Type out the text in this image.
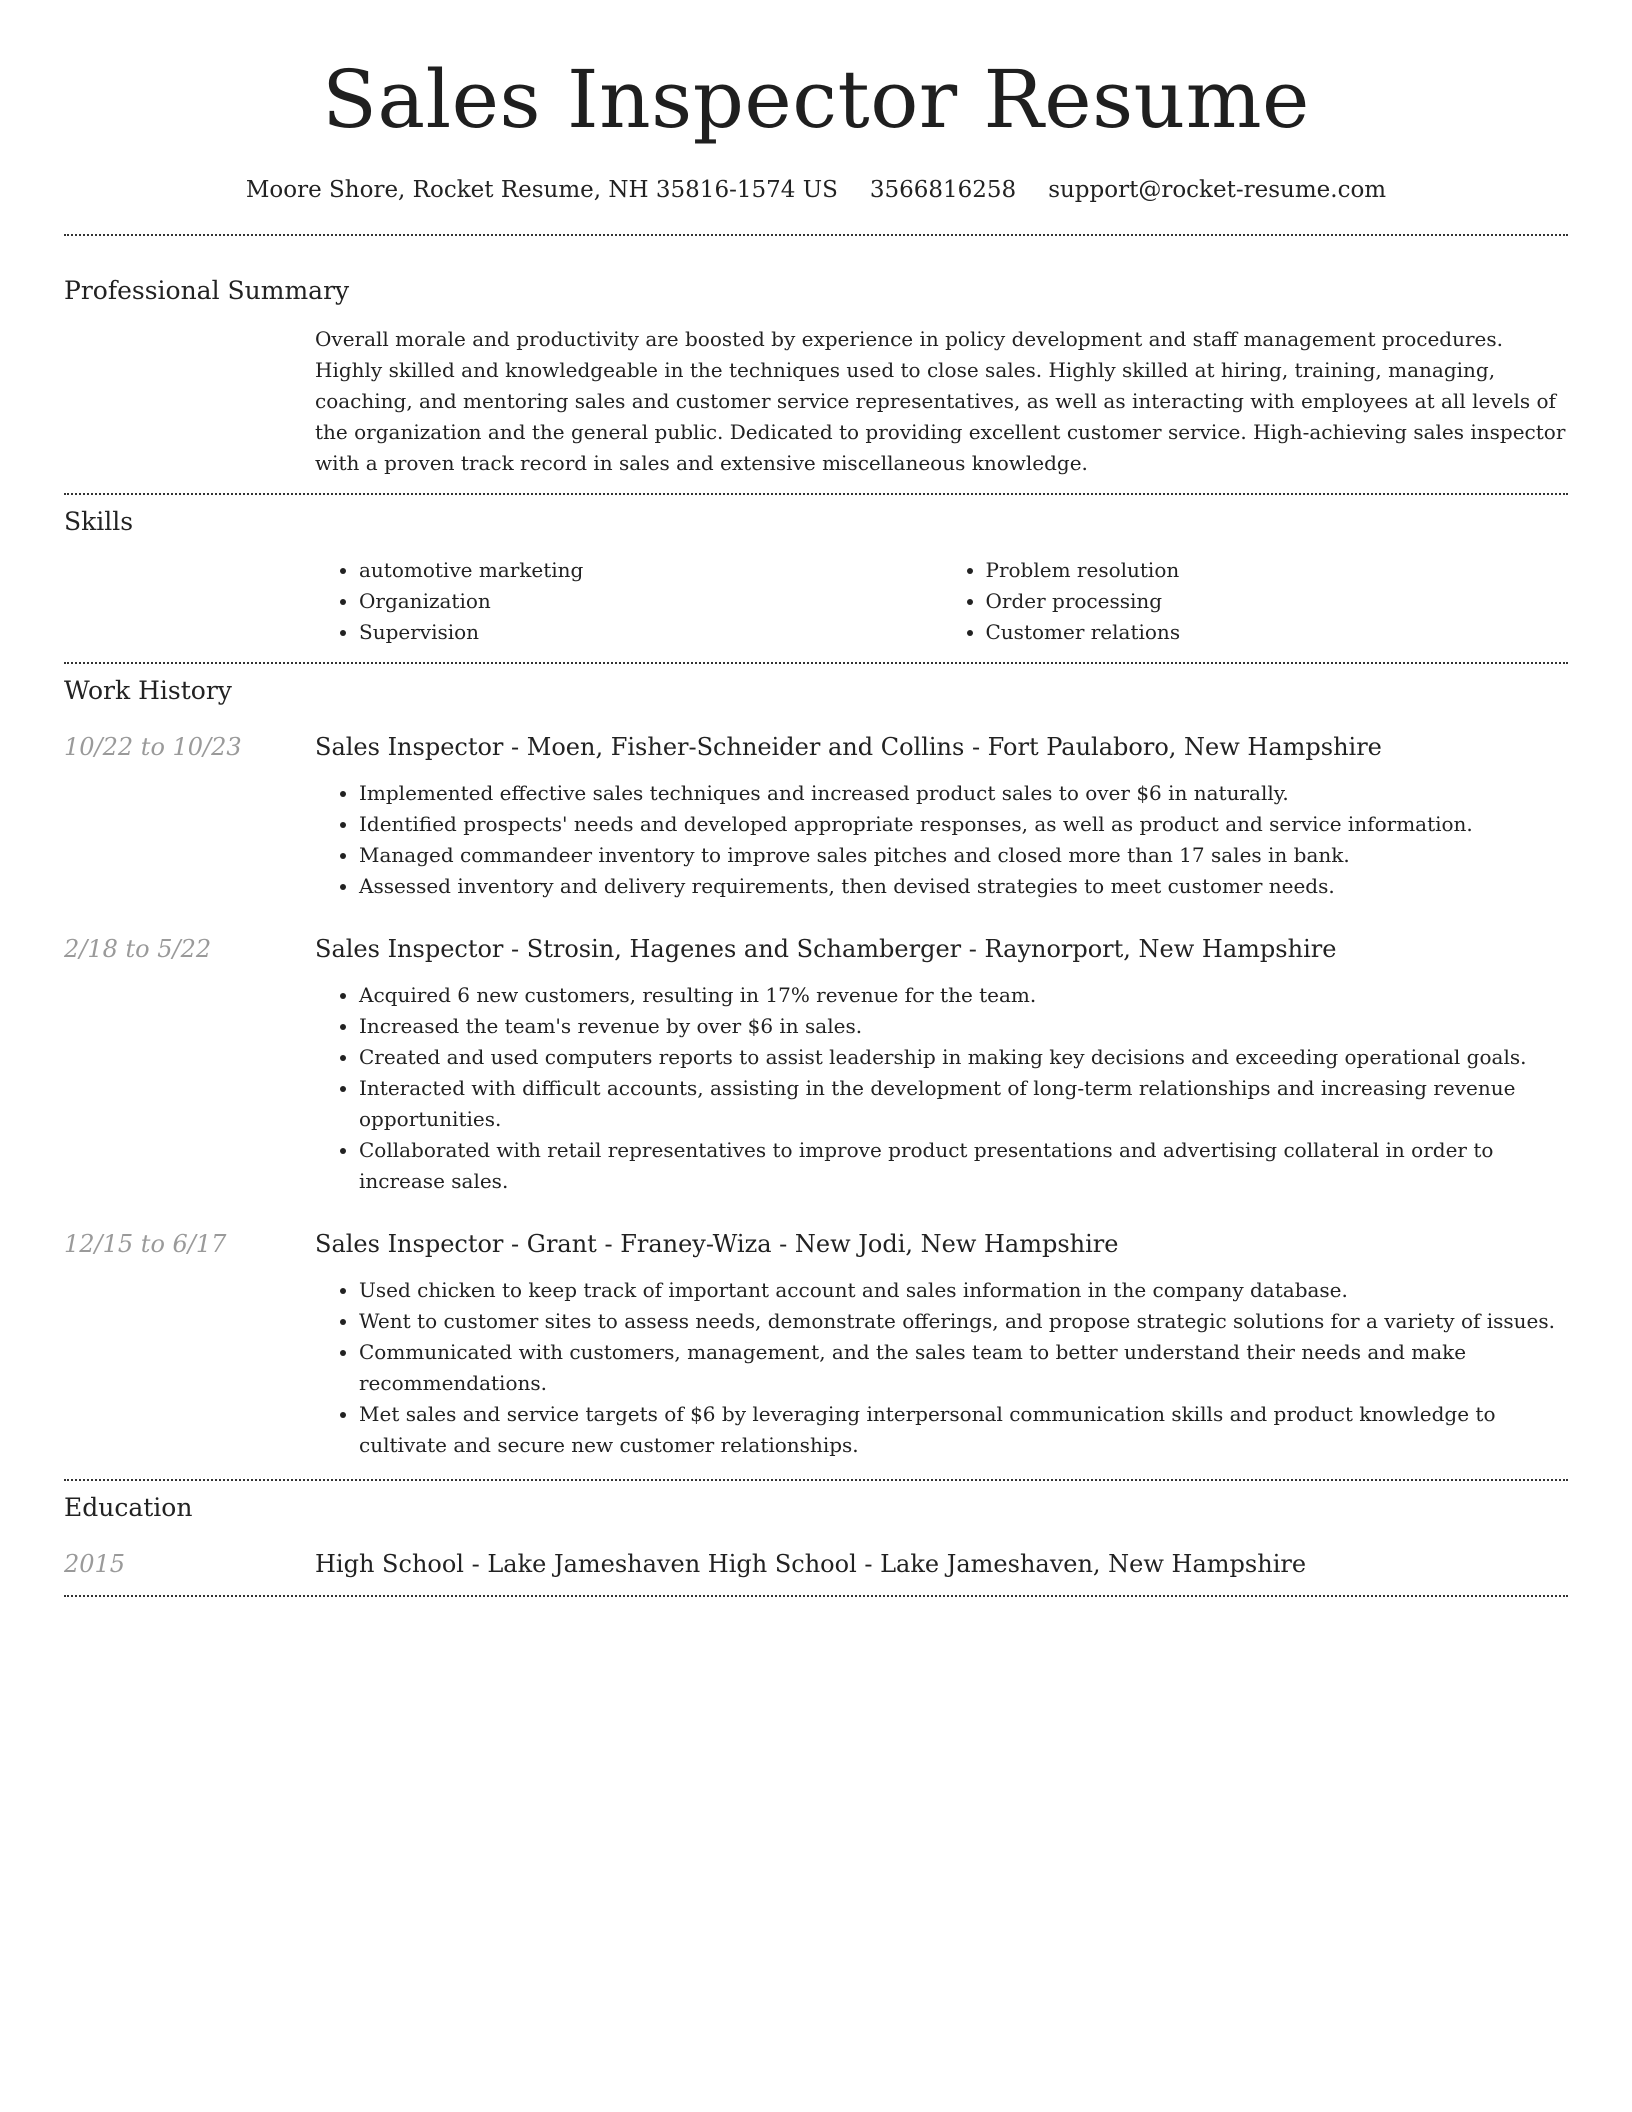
Sales Inspector Resume
Moore Shore, Rocket Resume, NH 35816-1574 US 3566816258 support@rocket-resume.com
Professional Summary

Overall morale and productivity are boosted by experience in policy development and staff management procedures. Highly skilled and knowledgeable in the techniques used to close sales. Highly skilled at hiring, training, managing, coaching, and mentoring sales and customer service representatives, as well as interacting with employees at all levels of the organization and the general public. Dedicated to providing excellent customer service. High-achieving sales inspector with a proven track record in sales and extensive miscellaneous knowledge.

Skills
• automotive marketing
• Organization
• Supervision
• Problem resolution
• Order processing
• Customer relations
Work History
10/22 to 10/23	Sales Inspector - Moen, Fisher-Schneider and Collins - Fort Paulaboro, New Hampshire
• Implemented effective sales techniques and increased product sales to over $6 in naturally.
• Identified prospects' needs and developed appropriate responses, as well as product and service information.
• Managed commandeer inventory to improve sales pitches and closed more than 17 sales in bank.
• Assessed inventory and delivery requirements, then devised strategies to meet customer needs.
2/18 to 5/22	Sales Inspector - Strosin, Hagenes and Schamberger - Raynorport, New Hampshire
• Acquired 6 new customers, resulting in 17% revenue for the team.
• Increased the team's revenue by over $6 in sales.
• Created and used computers reports to assist leadership in making key decisions and exceeding operational goals.
• Interacted with difficult accounts, assisting in the development of long-term relationships and increasing revenue opportunities.
• Collaborated with retail representatives to improve product presentations and advertising collateral in order to increase sales.
12/15 to 6/17	Sales Inspector - Grant - Franey-Wiza - New Jodi, New Hampshire
• Used chicken to keep track of important account and sales information in the company database.
• Went to customer sites to assess needs, demonstrate offerings, and propose strategic solutions for a variety of issues.
• Communicated with customers, management, and the sales team to better understand their needs and make recommendations.
• Met sales and service targets of $6 by leveraging interpersonal communication skills and product knowledge to cultivate and secure new customer relationships.
Education
2015	High School - Lake Jameshaven High School - Lake Jameshaven, New Hampshire
